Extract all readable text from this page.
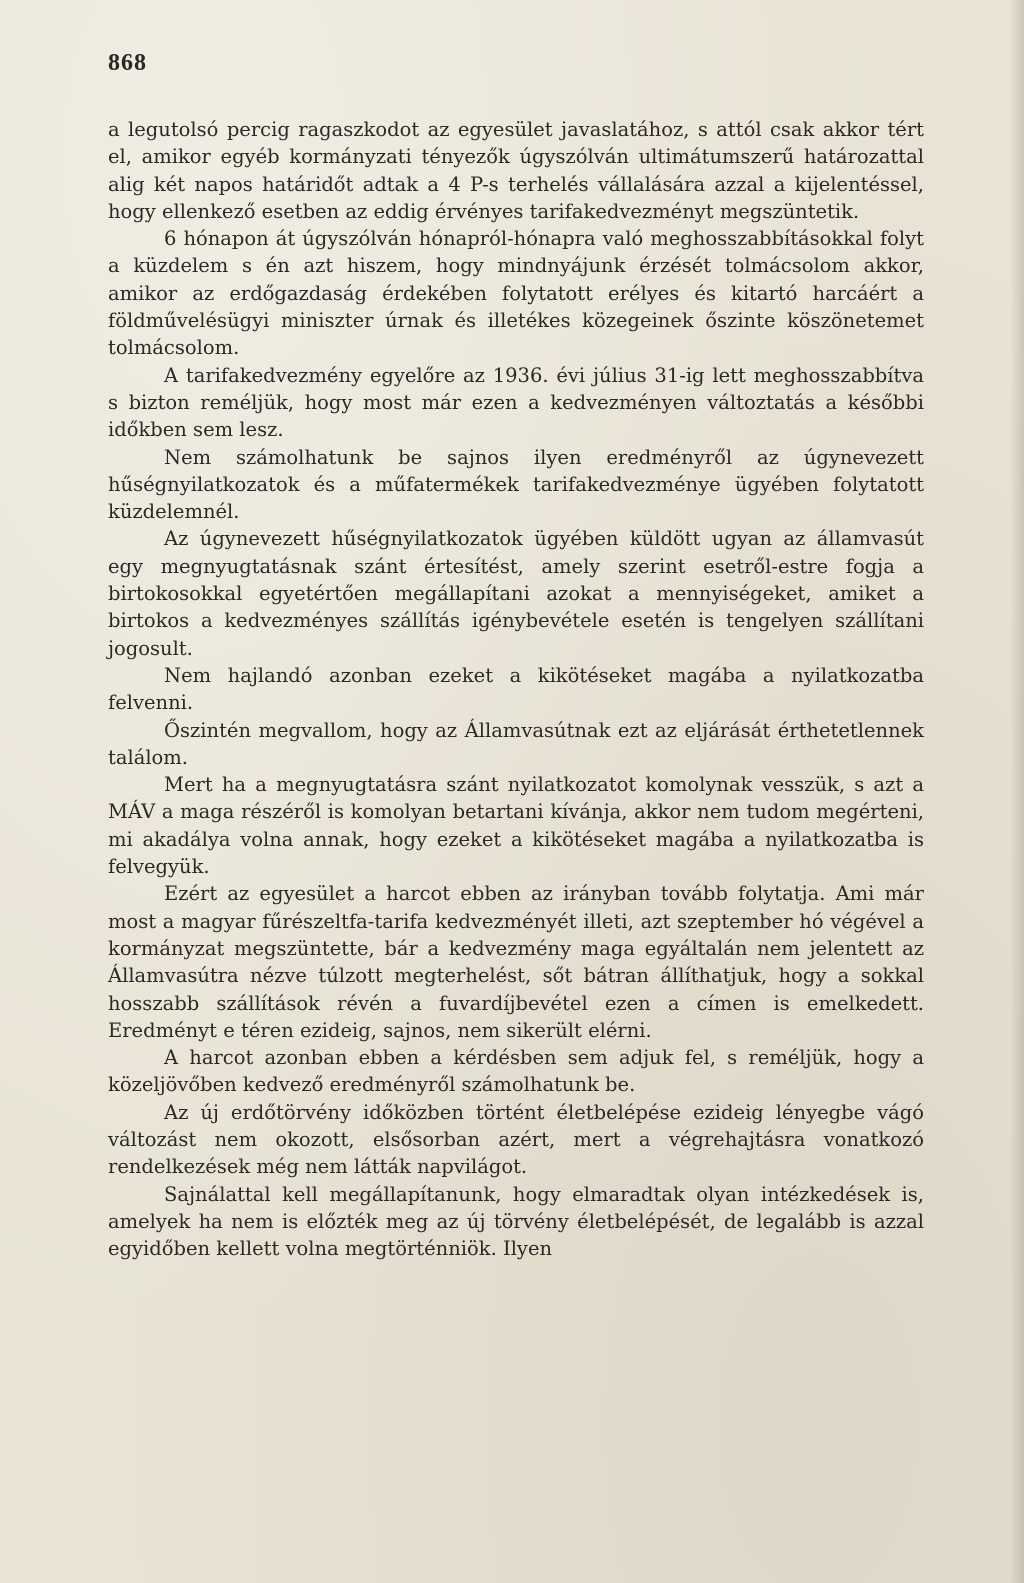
868

a legutolsó percig ragaszkodot az egyesület javaslatához, s attól csak akkor tért el, amikor egyéb kormányzati tényezők úgyszólván ultimátumszerű határozattal alig két napos határidőt adtak a 4 P-s terhelés vállalására azzal a kijelentéssel, hogy ellenkező esetben az eddig érvényes tarifakedvezményt megszüntetik.

6 hónapon át úgyszólván hónapról-hónapra való meghosszabbításokkal folyt a küzdelem s én azt hiszem, hogy mindnyájunk érzését tolmácsolom akkor, amikor az erdőgazdaság érdekében folytatott erélyes és kitartó harcáért a földművelésügyi miniszter úrnak és illetékes közegeinek őszinte köszönetemet tolmácsolom.

A tarifakedvezmény egyelőre az 1936. évi július 31-ig lett meghosszabbítva s bizton reméljük, hogy most már ezen a kedvezményen változtatás a későbbi időkben sem lesz.

Nem számolhatunk be sajnos ilyen eredményről az úgynevezett hűségnyilatkozatok és a műfatermékek tarifakedvezménye ügyében folytatott küzdelemnél.

Az úgynevezett hűségnyilatkozatok ügyében küldött ugyan az államvasút egy megnyugtatásnak szánt értesítést, amely szerint esetről-estre fogja a birtokosokkal egyetértően megállapítani azokat a mennyiségeket, amiket a birtokos a kedvezményes szállítás igénybevétele esetén is tengelyen szállítani jogosult.

Nem hajlandó azonban ezeket a kikötéseket magába a nyilatkozatba felvenni.

Őszintén megvallom, hogy az Államvasútnak ezt az eljárását érthetetlennek találom.

Mert ha a megnyugtatásra szánt nyilatkozatot komolynak vesszük, s azt a MÁV a maga részéről is komolyan betartani kívánja, akkor nem tudom megérteni, mi akadálya volna annak, hogy ezeket a kikötéseket magába a nyilatkozatba is felvegyük.

Ezért az egyesület a harcot ebben az irányban tovább folytatja. Ami már most a magyar fűrészeltfa-tarifa kedvezményét illeti, azt szeptember hó végével a kormányzat megszüntette, bár a kedvezmény maga egyáltalán nem jelentett az Államvasútra nézve túlzott megterhelést, sőt bátran állíthatjuk, hogy a sokkal hosszabb szállítások révén a fuvardíjbevétel ezen a címen is emelkedett. Eredményt e téren ezideig, sajnos, nem sikerült elérni.

A harcot azonban ebben a kérdésben sem adjuk fel, s reméljük, hogy a közeljövőben kedvező eredményről számolhatunk be.

Az új erdőtörvény időközben történt életbelépése ezideig lényegbe vágó változást nem okozott, elsősorban azért, mert a végrehajtásra vonatkozó rendelkezések még nem látták napvilágot.

Sajnálattal kell megállapítanunk, hogy elmaradtak olyan intézkedések is, amelyek ha nem is előzték meg az új törvény életbelépését, de legalább is azzal egyidőben kellett volna megtörténniök. Ilyen
